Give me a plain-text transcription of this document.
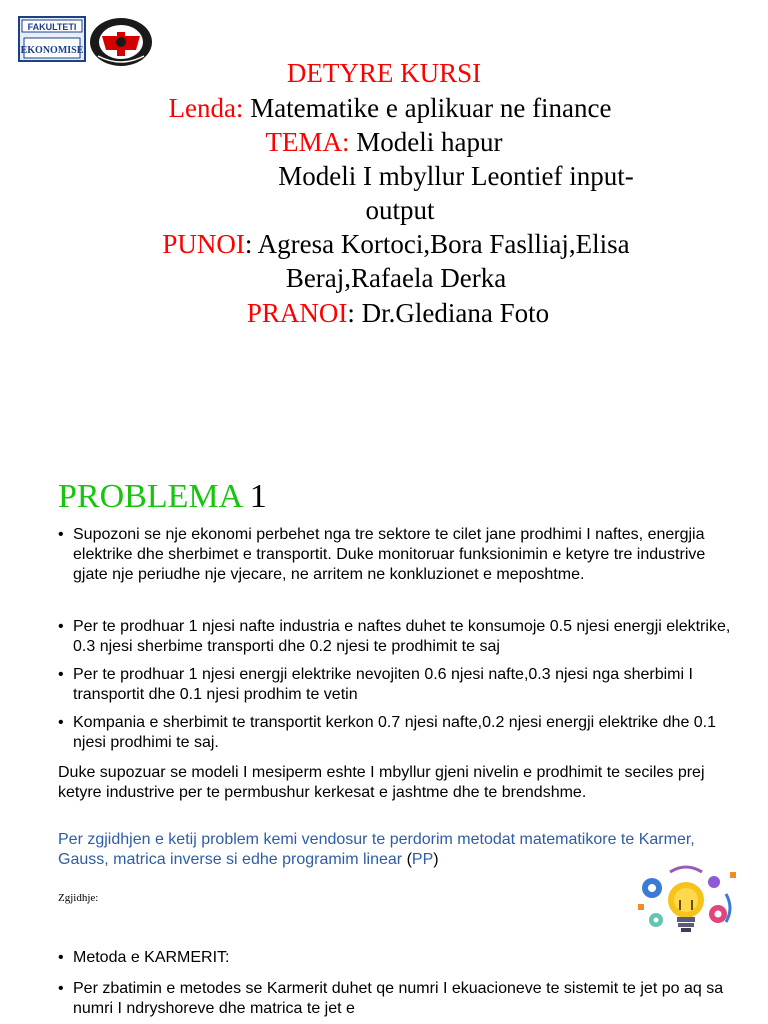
FAKULTETI
EKONOMISE
DETYRE KURSI
Lenda: Matematike e aplikuar ne finance
TEMA: Modeli hapur
Modeli I mbyllur Leontief input-
output
PUNOI: Agresa Kortoci,Bora Faslliaj,Elisa
Beraj,Rafaela Derka
PRANOI: Dr.Glediana Foto
PROBLEMA 1
• Supozoni se nje ekonomi perbehet nga tre sektore te cilet jane prodhimi I naftes, energjia elektrike dhe sherbimet e transportit. Duke monitoruar funksionimin e ketyre tre industrive gjate nje periudhe nje vjecare, ne arritem ne konkluzionet e meposhtme.
• Per te prodhuar 1 njesi nafte industria e naftes duhet te konsumoje 0.5 njesi energji elektrike, 0.3 njesi sherbime transporti dhe 0.2 njesi te prodhimit te saj
• Per te prodhuar 1 njesi energji elektrike nevojiten 0.6 njesi nafte,0.3 njesi nga sherbimi I transportit dhe 0.1 njesi prodhim te vetin
• Kompania e sherbimit te transportit kerkon 0.7 njesi nafte,0.2 njesi energji elektrike dhe 0.1 njesi prodhimi te saj.
Duke supozuar se modeli I mesiperm eshte I mbyllur gjeni nivelin e prodhimit te seciles prej ketyre industrive per te permbushur kerkesat e jashtme dhe te brendshme.
Per zgjidhjen e ketij problem kemi vendosur te perdorim metodat matematikore te Karmer, Gauss, matrica inverse si edhe programim linear (PP)
Zgjidhje:
• Metoda e KARMERIT:
• Per zbatimin e metodes se Karmerit duhet qe numri I ekuacioneve te sistemit te jet po aq sa numri I ndryshoreve dhe matrica te jet e
